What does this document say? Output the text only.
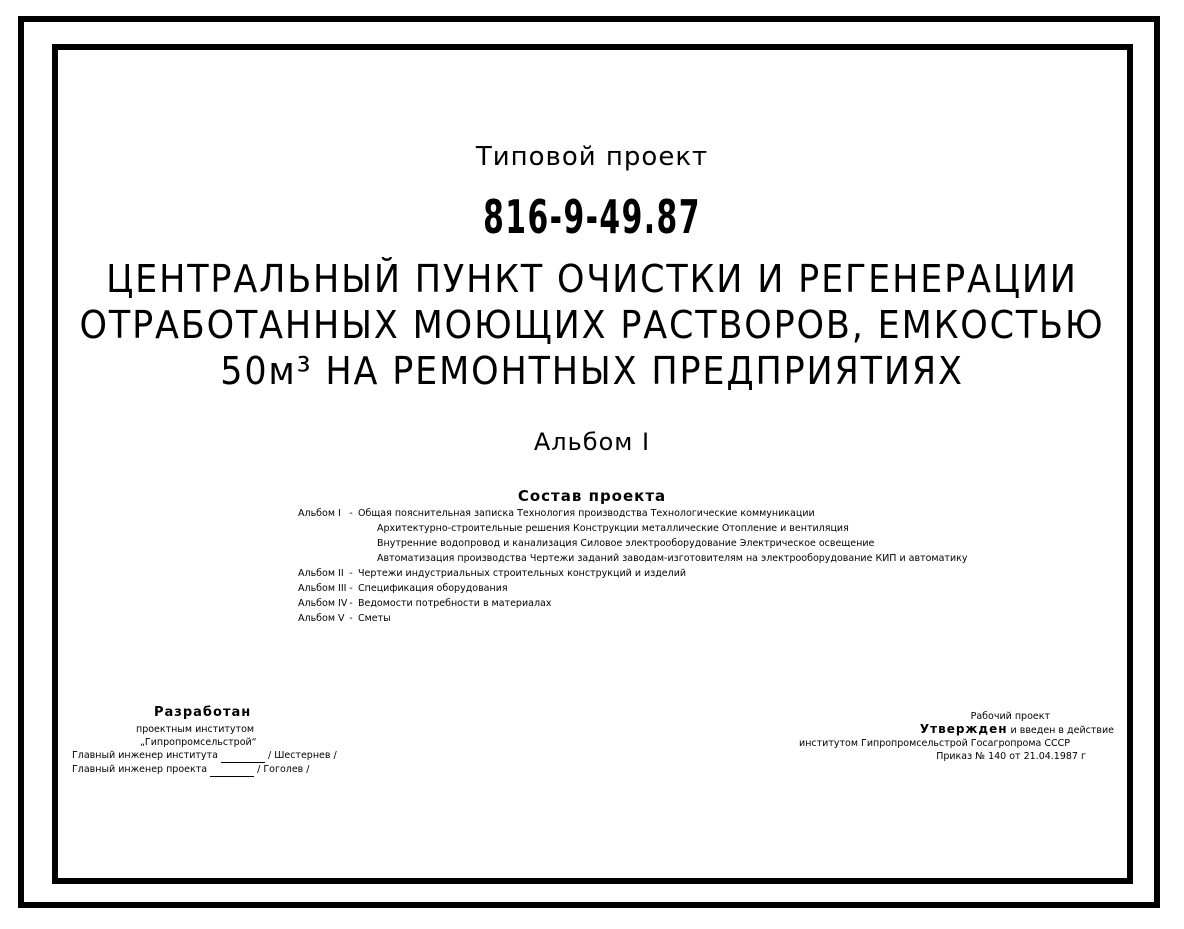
Типовой проект
816-9-49.87
ЦЕНТРАЛЬНЫЙ ПУНКТ ОЧИСТКИ И РЕГЕНЕРАЦИИ
ОТРАБОТАННЫХ МОЮЩИХ РАСТВОРОВ, ЕМКОСТЬЮ
50м³ НА РЕМОНТНЫХ ПРЕДПРИЯТИЯХ
Альбом I
Состав проекта
Альбом I - Общая пояснительная записка Технология производства Технологические коммуникации
Архитектурно-строительные решения Конструкции металлические Отопление и вентиляция
Внутренние водопровод и канализация Силовое электрооборудование Электрическое освещение
Автоматизация производства Чертежи заданий заводам-изготовителям на электрооборудование КИП и автоматику
Альбом II - Чертежи индустриальных строительных конструкций и изделий
Альбом III - Спецификация оборудования
Альбом IV - Ведомости потребности в материалах
Альбом V - Сметы
Разработан
проектным институтом
„Гипропромсельстрой“
Главный инженер института	/ Шестернев /
Главный инженер проекта	/ Гоголев /
Рабочий проект
Утвержден и введен в действие
институтом Гипропромсельстрой Госагропрома СССР
Приказ № 140 от 21.04.1987 г
